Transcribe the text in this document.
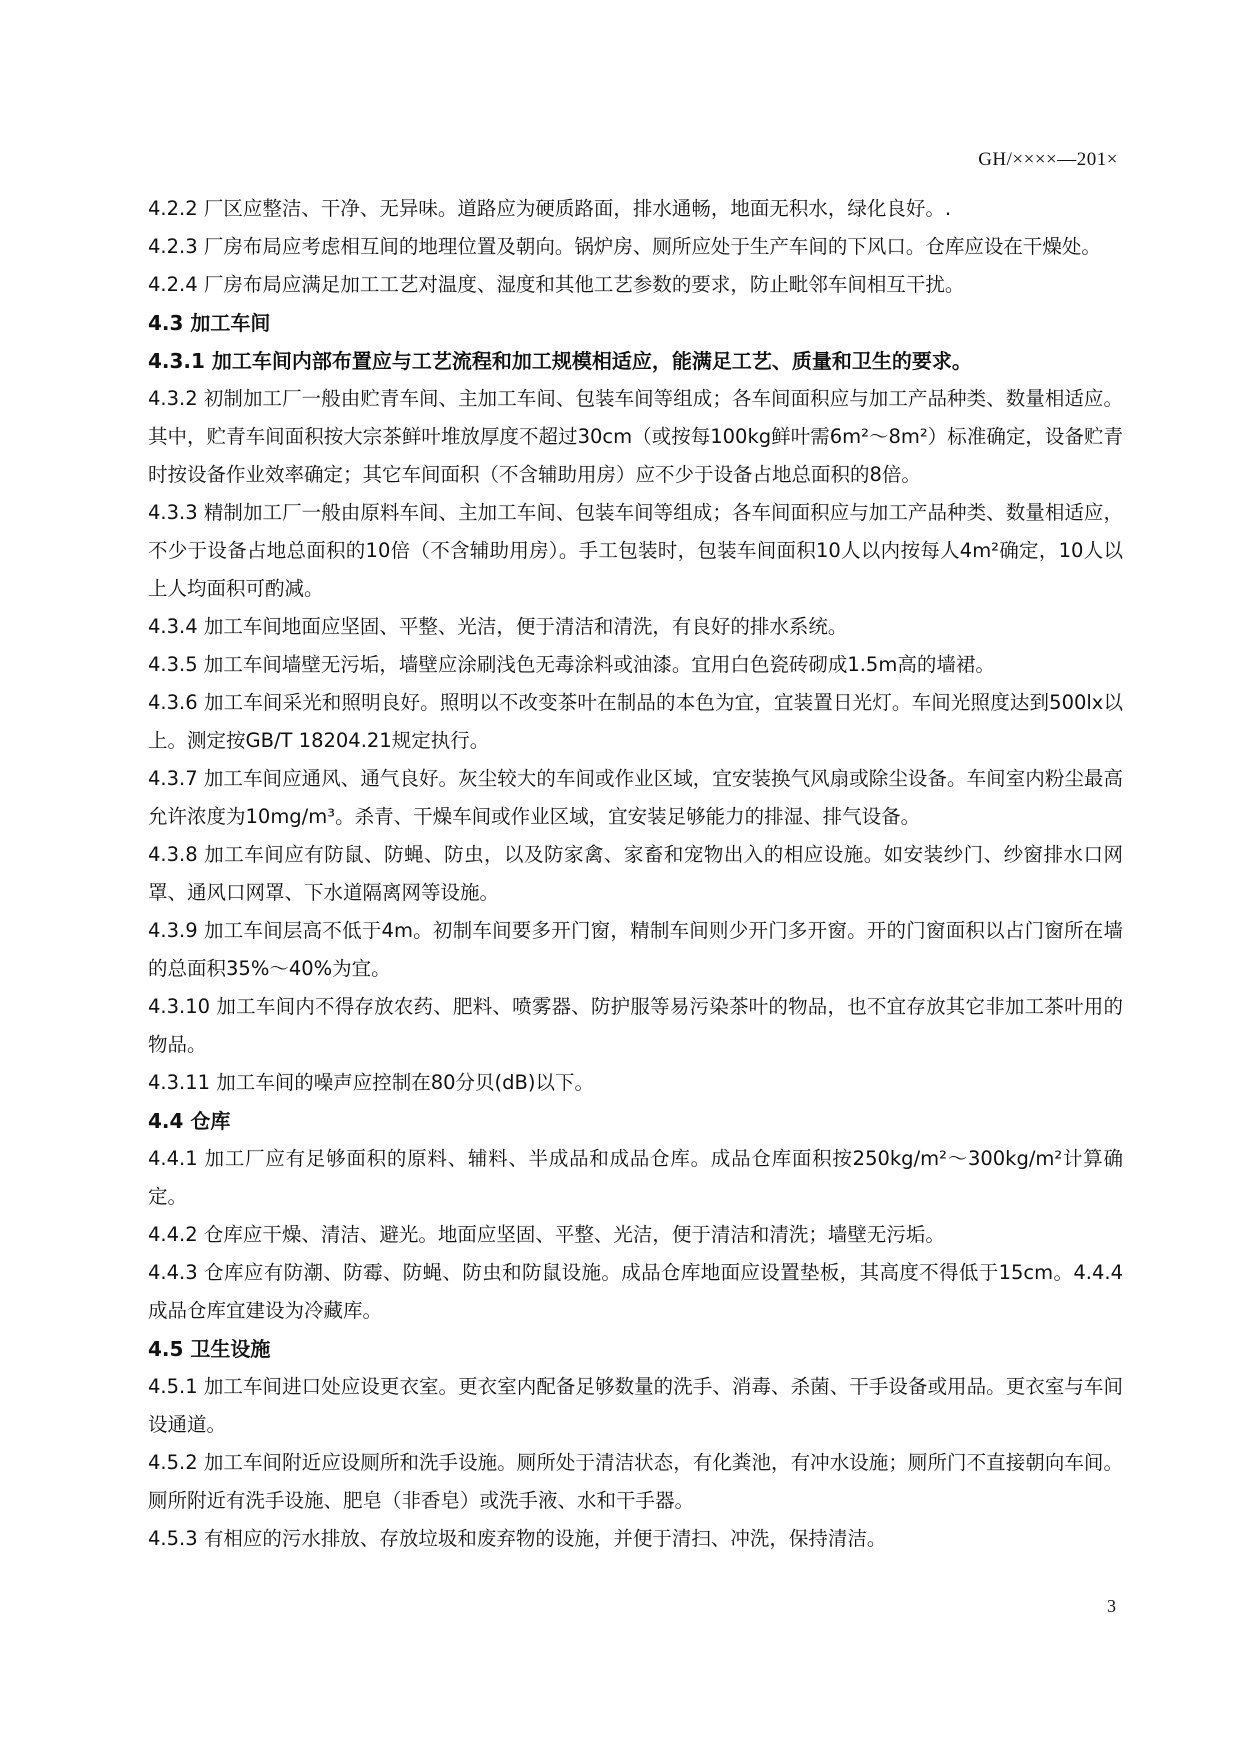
GH/××××—201×

4.2.2 厂区应整洁、干净、无异味。道路应为硬质路面，排水通畅，地面无积水，绿化良好。.

4.2.3 厂房布局应考虑相互间的地理位置及朝向。锅炉房、厕所应处于生产车间的下风口。仓库应设在干燥处。

4.2.4 厂房布局应满足加工工艺对温度、湿度和其他工艺参数的要求，防止毗邻车间相互干扰。

4.3 加工车间

4.3.1 加工车间内部布置应与工艺流程和加工规模相适应，能满足工艺、质量和卫生的要求。

4.3.2 初制加工厂一般由贮青车间、主加工车间、包装车间等组成；各车间面积应与加工产品种类、数量相适应。 其中，贮青车间面积按大宗茶鲜叶堆放厚度不超过30cm（或按每100kg鲜叶需6m²～8m²）标准确定，设备贮青时按设备作业效率确定；其它车间面积（不含辅助用房）应不少于设备占地总面积的8倍。

4.3.3 精制加工厂一般由原料车间、主加工车间、包装车间等组成；各车间面积应与加工产品种类、数量相适应，不少于设备占地总面积的10倍（不含辅助用房）。手工包装时，包装车间面积10人以内按每人4m²确定，10人以上人均面积可酌减。

4.3.4 加工车间地面应坚固、平整、光洁，便于清洁和清洗，有良好的排水系统。

4.3.5 加工车间墙壁无污垢，墙壁应涂刷浅色无毒涂料或油漆。宜用白色瓷砖砌成1.5m高的墙裙。

4.3.6 加工车间采光和照明良好。照明以不改变茶叶在制品的本色为宜，宜装置日光灯。车间光照度达到500lx以上。测定按GB/T 18204.21规定执行。

4.3.7 加工车间应通风、通气良好。灰尘较大的车间或作业区域，宜安装换气风扇或除尘设备。车间室内粉尘最高允许浓度为10mg/m³。杀青、干燥车间或作业区域，宜安装足够能力的排湿、排气设备。

4.3.8 加工车间应有防鼠、防蝇、防虫，以及防家禽、家畜和宠物出入的相应设施。如安装纱门、纱窗排水口网罩、通风口网罩、下水道隔离网等设施。

4.3.9 加工车间层高不低于4m。初制车间要多开门窗，精制车间则少开门多开窗。开的门窗面积以占门窗所在墙的总面积35%～40%为宜。

4.3.10 加工车间内不得存放农药、肥料、喷雾器、防护服等易污染茶叶的物品，也不宜存放其它非加工茶叶用的物品。

4.3.11 加工车间的噪声应控制在80分贝(dB)以下。

4.4 仓库

4.4.1 加工厂应有足够面积的原料、辅料、半成品和成品仓库。成品仓库面积按250kg/m²～300kg/m²计算确定。

4.4.2 仓库应干燥、清洁、避光。地面应坚固、平整、光洁，便于清洁和清洗；墙壁无污垢。

4.4.3 仓库应有防潮、防霉、防蝇、防虫和防鼠设施。成品仓库地面应设置垫板，其高度不得低于15cm。4.4.4 成品仓库宜建设为冷藏库。

4.5 卫生设施

4.5.1 加工车间进口处应设更衣室。更衣室内配备足够数量的洗手、消毒、杀菌、干手设备或用品。更衣室与车间设通道。

4.5.2 加工车间附近应设厕所和洗手设施。厕所处于清洁状态，有化粪池，有冲水设施；厕所门不直接朝向车间。厕所附近有洗手设施、肥皂（非香皂）或洗手液、水和干手器。

4.5.3 有相应的污水排放、存放垃圾和废弃物的设施，并便于清扫、冲洗，保持清洁。

3
